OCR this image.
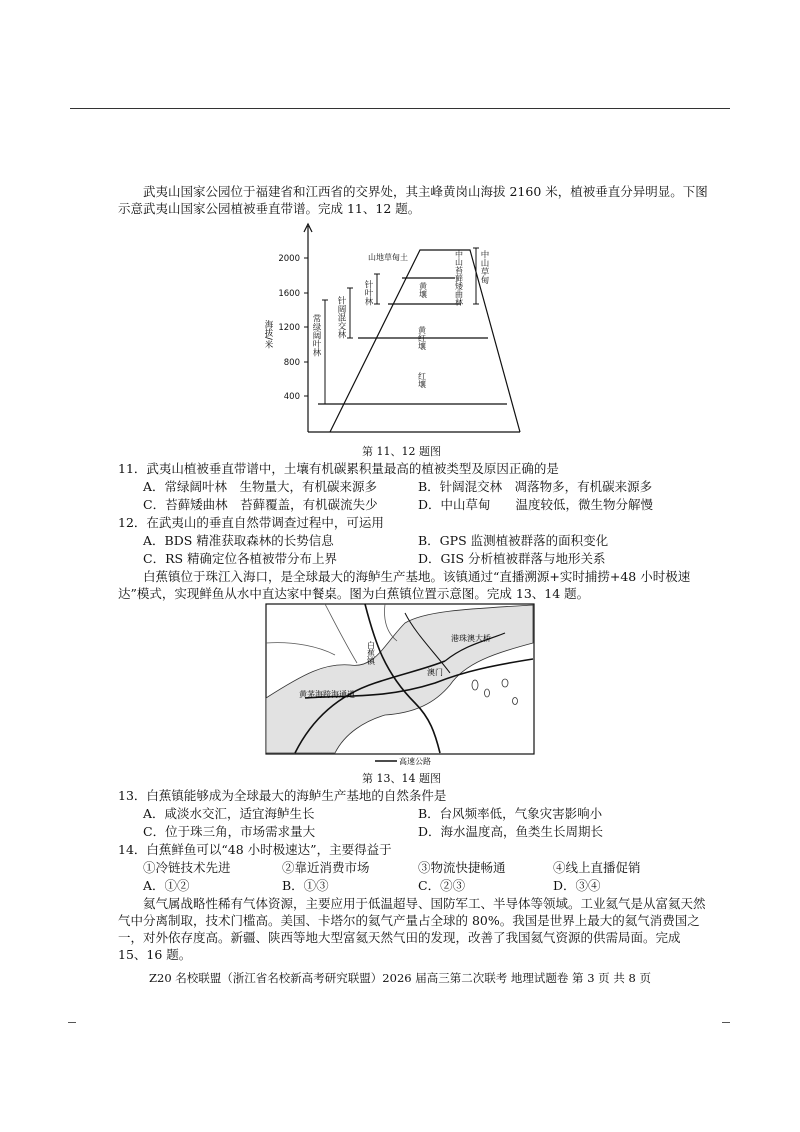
武夷山国家公园位于福建省和江西省的交界处，其主峰黄岗山海拔 2160 米，植被垂直分异明显。下图示意武夷山国家公园植被垂直带谱。完成 11、12 题。

2000
1600
1200
800
400
海拔/米	常绿阔叶林 针阔混交林
针叶林
山地草甸土	中山苔藓矮曲林 中山草甸
黄壤
黄红壤
红壤
第 11、12 题图
11．武夷山植被垂直带谱中，土壤有机碳累积量最高的植被类型及原因正确的是
A．常绿阔叶林　生物量大，有机碳来源多	B．针阔混交林　凋落物多，有机碳来源多
C．苔藓矮曲林　苔藓覆盖，有机碳流失少	D．中山草甸　　温度较低，微生物分解慢
12．在武夷山的垂直自然带调查过程中，可运用
A．BDS 精准获取森林的长势信息	B．GPS 监测植被群落的面积变化
C．RS 精确定位各植被带分布上界	D．GIS 分析植被群落与地形关系

白蕉镇位于珠江入海口，是全球最大的海鲈生产基地。该镇通过“直播溯源+实时捕捞+48 小时极速达”模式，实现鲜鱼从水中直达家中餐桌。图为白蕉镇位置示意图。完成 13、14 题。

白蕉镇
港珠澳大桥
澳门
黄茅海跨海通道
高速公路
第 13、14 题图
13．白蕉镇能够成为全球最大的海鲈生产基地的自然条件是
A．咸淡水交汇，适宜海鲈生长	B．台风频率低，气象灾害影响小
C．位于珠三角，市场需求量大	D．海水温度高，鱼类生长周期长
14．白蕉鲜鱼可以“48 小时极速达”，主要得益于
①冷链技术先进	②靠近消费市场	③物流快捷畅通	④线上直播促销
A．①②	B．①③	C．②③	D．③④

氦气属战略性稀有气体资源，主要应用于低温超导、国防军工、半导体等领域。工业氦气是从富氦天然气中分离制取，技术门槛高。美国、卡塔尔的氦气产量占全球的 80%。我国是世界上最大的氦气消费国之一，对外依存度高。新疆、陕西等地大型富氦天然气田的发现，改善了我国氦气资源的供需局面。完成 15、16 题。

Z20 名校联盟（浙江省名校新高考研究联盟）2026 届高三第二次联考 地理试题卷 第 3 页 共 8 页
